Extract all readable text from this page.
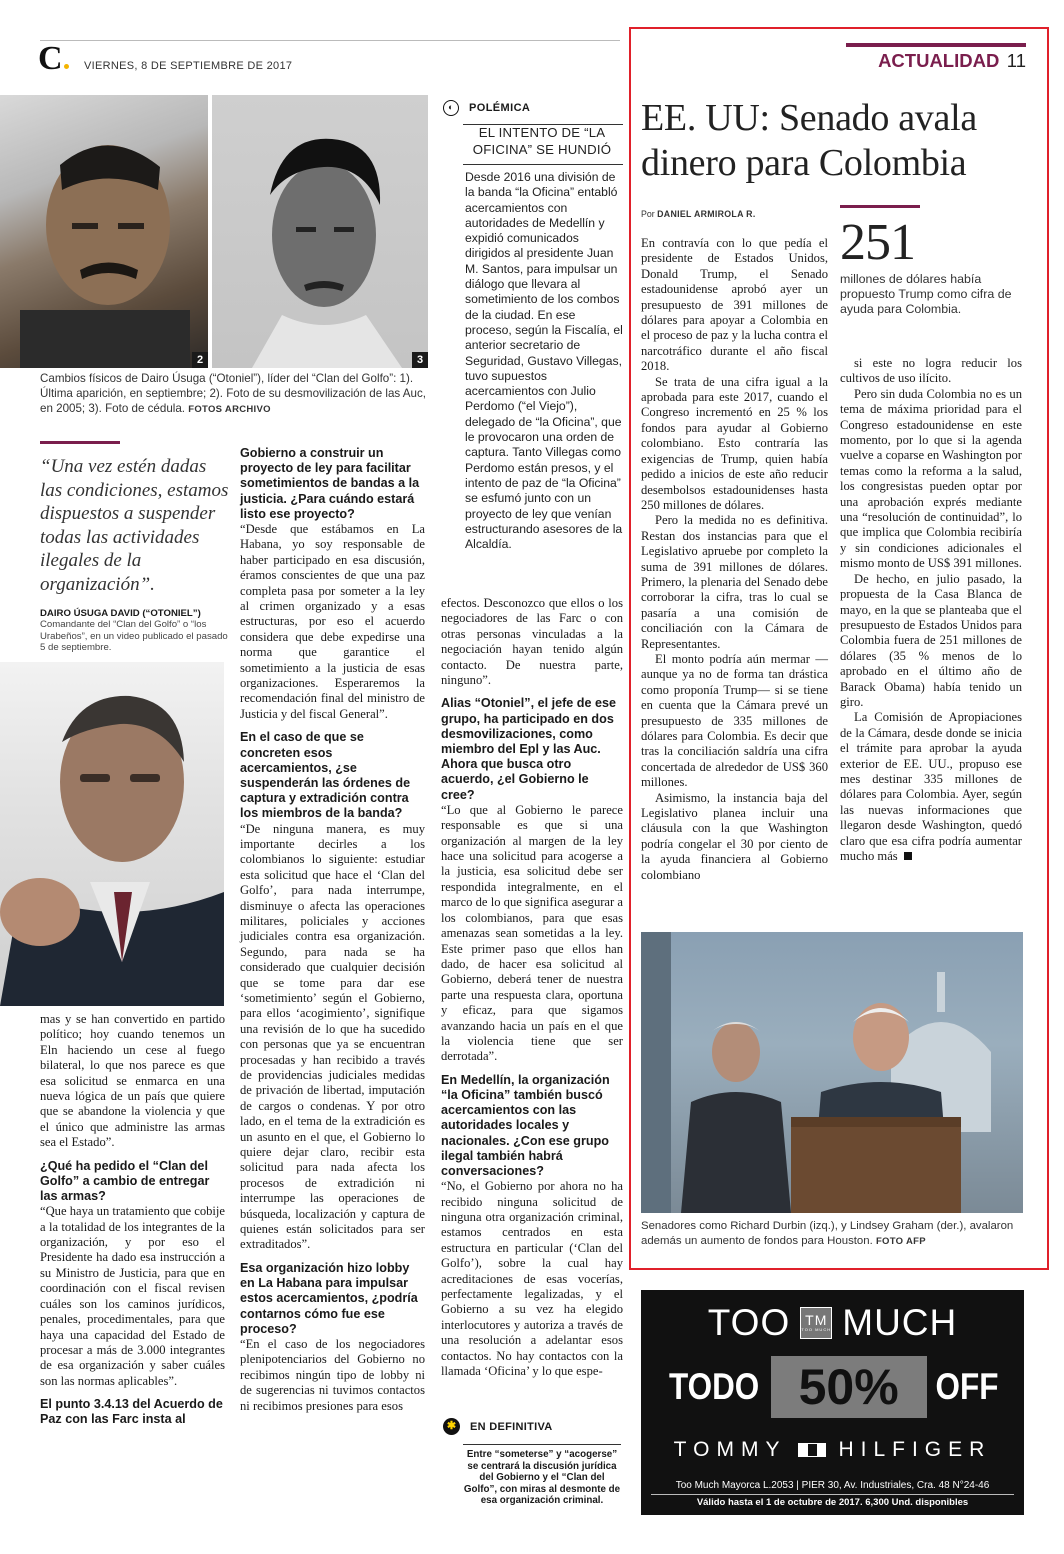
C	VIERNES, 8 DE SEPTIEMBRE DE 2017
2	3
Cambios físicos de Dairo Úsuga (“Otoniel”), líder del “Clan del Golfo”: 1). Última aparición, en septiembre; 2). Foto de su desmovilización de las Auc, en 2005; 3). Foto de cédula. FOTOS ARCHIVO
◐	POLÉMICA
EL INTENTO DE “LA OFICINA” SE HUNDIÓ
Desde 2016 una división de la banda “la Oficina” entabló acercamientos con autoridades de Medellín y expidió comunicados dirigidos al presidente Juan M. Santos, para impulsar un diálogo que llevara al sometimiento de los combos de la ciudad. En ese proceso, según la Fiscalía, el anterior secretario de Seguridad, Gustavo Villegas, tuvo supuestos acercamientos con Julio Perdomo (“el Viejo”), delegado de “la Oficina”, que le provocaron una orden de captura. Tanto Villegas como Perdomo están presos, y el intento de paz de “la Oficina” se esfumó junto con un proyecto de ley que venían estructurando asesores de la Alcaldía.
“Una vez estén dadas las condiciones, estamos dispuestos a suspender todas las actividades ilegales de la organización”.
DAIRO ÚSUGA DAVID (“OTONIEL”)
Comandante del “Clan del Golfo” o “los Urabeños”, en un video publicado el pasado 5 de septiembre.
mas y se han convertido en partido político; hoy cuando tenemos un Eln haciendo un cese al fuego bilateral, lo que nos parece es que esa solicitud se enmarca en una nueva lógica de un país que quiere que se abandone la violencia y que el único que administre las armas sea el Estado”.
¿Qué ha pedido el “Clan del Golfo” a cambio de entregar las armas?
“Que haya un tratamiento que cobije a la totalidad de los integrantes de la organización, y por eso el Presidente ha dado esa instrucción a su Ministro de Justicia, para que en coordinación con el fiscal revisen cuáles son los caminos jurídicos, penales, procedimentales, para que haya una capacidad del Estado de procesar a más de 3.000 integrantes de esa organización y saber cuáles son las normas aplicables”.
El punto 3.4.13 del Acuerdo de Paz con las Farc insta al
Gobierno a construir un proyecto de ley para facilitar sometimientos de bandas a la justicia. ¿Para cuándo estará listo ese proyecto?
“Desde que estábamos en La Habana, yo soy responsable de haber participado en esa discusión, éramos conscientes de que una paz completa pasa por someter a la ley al crimen organizado y a esas estructuras, por eso el acuerdo considera que debe expedirse una norma que garantice el sometimiento a la justicia de esas organizaciones. Esperaremos la recomendación final del ministro de Justicia y del fiscal General”.
En el caso de que se concreten esos acercamientos, ¿se suspenderán las órdenes de captura y extradición contra los miembros de la banda?
“De ninguna manera, es muy importante decirles a los colombianos lo siguiente: estudiar esta solicitud que hace el ‘Clan del Golfo’, para nada interrumpe, disminuye o afecta las operaciones militares, policiales y acciones judiciales contra esa organización. Segundo, para nada se ha considerado que cualquier decisión que se tome para dar ese ‘sometimiento’ según el Gobierno, para ellos ‘acogimiento’, signifique una revisión de lo que ha sucedido con personas que ya se encuentran procesadas y han recibido a través de providencias judiciales medidas de privación de libertad, imputación de cargos o condenas. Y por otro lado, en el tema de la extradición es un asunto en el que, el Gobierno lo quiere dejar claro, recibir esta solicitud para nada afecta los procesos de extradición ni interrumpe las operaciones de búsqueda, localización y captura de quienes están solicitados para ser extraditados”.
Esa organización hizo lobby en La Habana para impulsar estos acercamientos, ¿podría contarnos cómo fue ese proceso?
“En el caso de los negociadores plenipotenciarios del Gobierno no recibimos ningún tipo de lobby ni de sugerencias ni tuvimos contactos ni recibimos presiones para esos
efectos. Desconozco que ellos o los negociadores de las Farc o con otras personas vinculadas a la negociación hayan tenido algún contacto. De nuestra parte, ninguno”.
Alias “Otoniel”, el jefe de ese grupo, ha participado en dos desmovilizaciones, como miembro del Epl y las Auc. Ahora que busca otro acuerdo, ¿el Gobierno le cree?
“Lo que al Gobierno le parece responsable es que si una organización al margen de la ley hace una solicitud para acogerse a la justicia, esa solicitud debe ser respondida integralmente, en el marco de lo que significa asegurar a los colombianos, para que esas amenazas sean sometidas a la ley. Este primer paso que ellos han dado, de hacer esa solicitud al Gobierno, deberá tener de nuestra parte una respuesta clara, oportuna y eficaz, para que sigamos avanzando hacia un país en el que la violencia tiene que ser derrotada”.
En Medellín, la organización “la Oficina” también buscó acercamientos con las autoridades locales y nacionales. ¿Con ese grupo ilegal también habrá conversaciones?
“No, el Gobierno por ahora no ha recibido ninguna solicitud de ninguna otra organización criminal, estamos centrados en esta estructura en particular (‘Clan del Golfo’), sobre la cual hay acreditaciones de esas vocerías, perfectamente legalizadas, y el Gobierno a su vez ha elegido interlocutores y autoriza a través de una resolución a adelantar esos contactos. No hay contactos con la llamada ‘Oficina’ y lo que espe-
✱	EN DEFINITIVA
Entre “someterse” y “acogerse” se centrará la discusión jurídica del Gobierno y el “Clan del Golfo”, con miras al desmonte de esa organización criminal.
ACTUALIDAD 11
EE. UU: Senado avala dinero para Colombia
Por DANIEL ARMIROLA R. 251
millones de dólares había propuesto Trump como cifra de ayuda para Colombia.

En contravía con lo que pedía el presidente de Estados Unidos, Donald Trump, el Senado estadounidense aprobó ayer un presupuesto de 391 millones de dólares para apoyar a Colombia en el proceso de paz y la lucha contra el narcotráfico durante el año fiscal 2018.

Se trata de una cifra igual a la aprobada para este 2017, cuando el Congreso incrementó en 25 % los fondos para ayudar al Gobierno colombiano. Esto contraría las exigencias de Trump, quien había pedido a inicios de este año reducir desembolsos estadounidenses hasta 250 millones de dólares.

Pero la medida no es definitiva. Restan dos instancias para que el Legislativo apruebe por completo la suma de 391 millones de dólares. Primero, la plenaria del Senado debe corroborar la cifra, tras lo cual se pasaría a una comisión de conciliación con la Cámara de Representantes.

El monto podría aún mermar —aunque ya no de forma tan drástica como proponía Trump— si se tiene en cuenta que la Cámara prevé un presupuesto de 335 millones de dólares para Colombia. Es decir que tras la conciliación saldría una cifra concertada de alrededor de US$ 360 millones.

Asimismo, la instancia baja del Legislativo planea incluir una cláusula con la que Washington podría congelar el 30 por ciento de la ayuda financiera al Gobierno colombiano

si este no logra reducir los cultivos de uso ilícito.

Pero sin duda Colombia no es un tema de máxima prioridad para el Congreso estadounidense en este momento, por lo que si la agenda vuelve a coparse en Washington por temas como la reforma a la salud, los congresistas pueden optar por una aprobación exprés mediante una “resolución de continuidad”, lo que implica que Colombia recibiría y sin condiciones adicionales el mismo monto de US$ 391 millones.

De hecho, en julio pasado, la propuesta de la Casa Blanca de mayo, en la que se planteaba que el presupuesto de Estados Unidos para Colombia fuera de 251 millones de dólares (35 % menos de lo aprobado en el último año de Barack Obama) había tenido un giro.

La Comisión de Apropiaciones de la Cámara, desde donde se inicia el trámite para aprobar la ayuda exterior de EE. UU., propuso ese mes destinar 335 millones de dólares para Colombia. Ayer, según las nuevas informaciones que llegaron desde Washington, quedó claro que esa cifra podría aumentar mucho más

Senadores como Richard Durbin (izq.), y Lindsey Graham (der.), avalaron además un aumento de fondos para Houston. FOTO AFP
TOO TM
TOO MUCH MUCH
TODO 50% OFF
TOMMY HILFIGER
Too Much Mayorca L.2053 | PIER 30, Av. Industriales, Cra. 48 N°24-46
Válido hasta el 1 de octubre de 2017. 6,300 Und. disponibles
